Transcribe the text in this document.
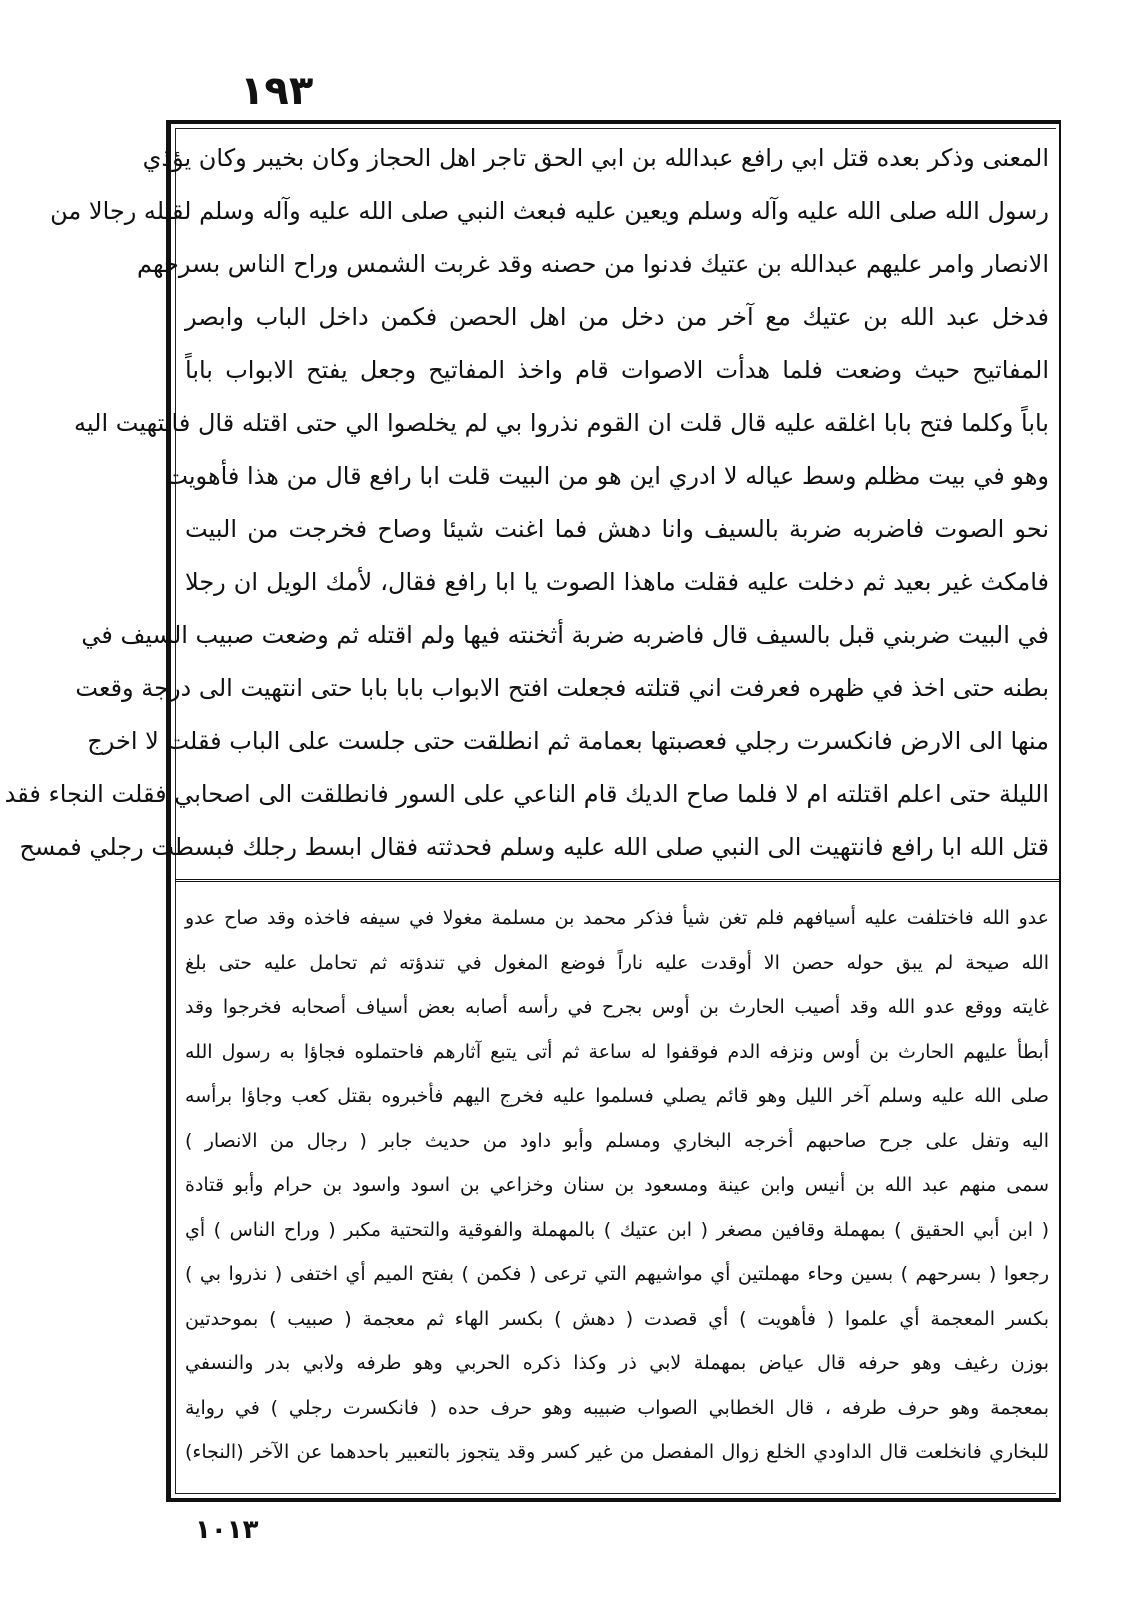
١٩٣
المعنى وذكر بعده قتل ابي رافع عبدالله بن ابي الحق تاجر اهل الحجاز وكان بخيبر وكان يؤذي
رسول الله صلى الله عليه وآله وسلم ويعين عليه فبعث النبي صلى الله عليه وآله وسلم لقتله رجالا من
الانصار وامر عليهم عبدالله بن عتيك فدنوا من حصنه وقد غربت الشمس وراح الناس بسرحهم
فدخل عبد الله بن عتيك مع آخر من دخل من اهل الحصن فكمن داخل الباب وابصر
المفاتيح حيث وضعت فلما هدأت الاصوات قام واخذ المفاتيح وجعل يفتح الابواب باباً
باباً وكلما فتح بابا اغلقه عليه قال قلت ان القوم نذروا بي لم يخلصوا الي حتى اقتله قال فانتهيت اليه
وهو في بيت مظلم وسط عياله لا ادري اين هو من البيت قلت ابا رافع قال من هذا فأهويت
نحو الصوت فاضربه ضربة بالسيف وانا دهش فما اغنت شيئا وصاح فخرجت من البيت
فامكث غير بعيد ثم دخلت عليه فقلت ماهذا الصوت يا ابا رافع فقال، لأمك الويل ان رجلا
في البيت ضربني قبل بالسيف قال فاضربه ضربة أثخنته فيها ولم اقتله ثم وضعت صبيب السيف في
بطنه حتى اخذ في ظهره فعرفت اني قتلته فجعلت افتح الابواب بابا بابا حتى انتهيت الى درجة وقعت
منها الى الارض فانكسرت رجلي فعصبتها بعمامة ثم انطلقت حتى جلست على الباب فقلت لا اخرج
الليلة حتى اعلم اقتلته ام لا فلما صاح الديك قام الناعي على السور فانطلقت الى اصحابي فقلت النجاء فقد
قتل الله ابا رافع فانتهيت الى النبي صلى الله عليه وسلم فحدثته فقال ابسط رجلك فبسطت رجلي فمسح
عدو الله فاختلفت عليه أسيافهم فلم تغن شيأ فذكر محمد بن مسلمة مغولا في سيفه فاخذه وقد صاح عدو
الله صيحة لم يبق حوله حصن الا أوقدت عليه ناراً فوضع المغول في تندؤته ثم تحامل عليه حتى بلغ
غايته ووقع عدو الله وقد أصيب الحارث بن أوس بجرح في رأسه أصابه بعض أسياف أصحابه فخرجوا وقد
أبطأ عليهم الحارث بن أوس ونزفه الدم فوقفوا له ساعة ثم أتى يتبع آثارهم فاحتملوه فجاؤا به رسول الله
صلى الله عليه وسلم آخر الليل وهو قائم يصلي فسلموا عليه فخرج اليهم فأخبروه بقتل كعب وجاؤا برأسه
اليه وتفل على جرح صاحبهم أخرجه البخاري ومسلم وأبو داود من حديث جابر ( رجال من الانصار )
سمى منهم عبد الله بن أنيس وابن عينة ومسعود بن سنان وخزاعي بن اسود واسود بن حرام وأبو قتادة
( ابن أبي الحقيق ) بمهملة وقافين مصغر ( ابن عتيك ) بالمهملة والفوقية والتحتية مكبر ( وراح الناس ) أي
رجعوا ( بسرحهم ) بسين وحاء مهملتين أي مواشيهم التي ترعى ( فكمن ) بفتح الميم أي اختفى ( نذروا بي )
بكسر المعجمة أي علموا ( فأهويت ) أي قصدت ( دهش ) بكسر الهاء ثم معجمة ( صبيب ) بموحدتين
بوزن رغيف وهو حرفه قال عياض بمهملة لابي ذر وكذا ذكره الحربي وهو طرفه ولابي بدر والنسفي
بمعجمة وهو حرف طرفه ، قال الخطابي الصواب ضبيبه وهو حرف حده ( فانكسرت رجلي ) في رواية
للبخاري فانخلعت قال الداودي الخلع زوال المفصل من غير كسر وقد يتجوز بالتعبير باحدهما عن الآخر (النجاء)
١٠١٣
